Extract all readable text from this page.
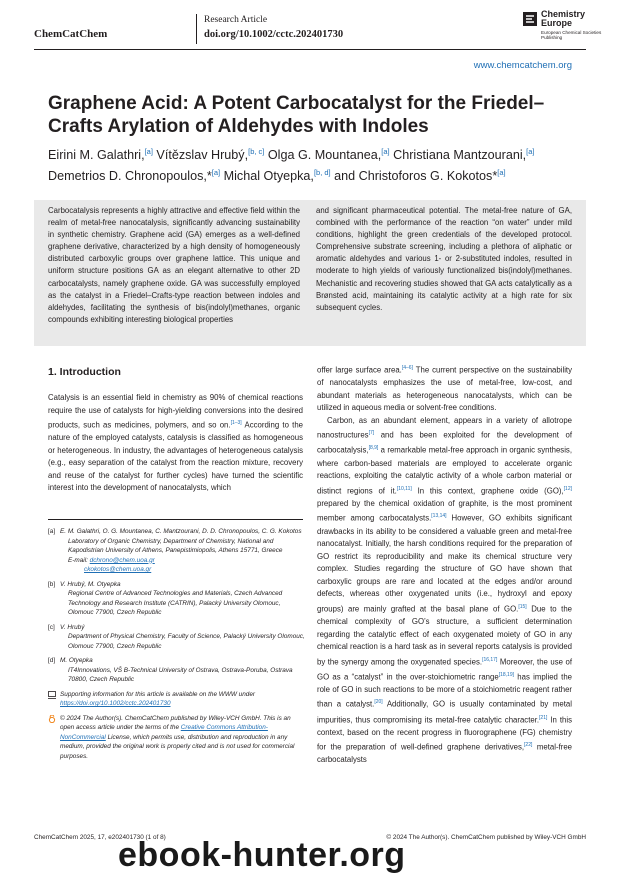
ChemCatChem
Research Article
doi.org/10.1002/cctc.202401730
Chemistry Europe
European Chemical Societies Publishing
www.chemcatchem.org
Graphene Acid: A Potent Carbocatalyst for the Friedel–Crafts Arylation of Aldehydes with Indoles
Eirini M. Galathri,[a] Vítězslav Hrubý,[b, c] Olga G. Mountanea,[a] Christiana Mantzourani,[a] Demetrios D. Chronopoulos,*[a] Michal Otyepka,[b, d] and Christoforos G. Kokotos*[a]
Carbocatalysis represents a highly attractive and effective field within the realm of metal-free nanocatalysis, significantly advancing sustainability in synthetic chemistry. Graphene acid (GA) emerges as a well-defined graphene derivative, characterized by a high density of homogeneously distributed carboxylic groups over graphene lattice. This unique and uniform structure positions GA as an elegant alternative to other 2D carbocatalysts, namely graphene oxide. GA was successfully employed as the catalyst in a Friedel–Crafts-type reaction between indoles and aldehydes, facilitating the synthesis of bis(indolyl)methanes, organic compounds exhibiting interesting biological properties
and significant pharmaceutical potential. The metal-free nature of GA, combined with the performance of the reaction “on water” under mild conditions, highlight the green credentials of the developed protocol. Comprehensive substrate screening, including a plethora of aliphatic or aromatic aldehydes and various 1- or 2-substituted indoles, resulted in moderate to high yields of variously functionalized bis(indolyl)methanes. Mechanistic and recovering studies showed that GA acts catalytically as a Brønsted acid, maintaining its catalytic activity at a high rate for six subsequent cycles.
1. Introduction

Catalysis is an essential field in chemistry as 90% of chemical reactions require the use of catalysts for high-yielding conversions into the desired products, such as medicines, polymers, and so on.[1–3] According to the nature of the employed catalysts, catalysis is classified as homogeneous or heterogeneous. In industry, the advantages of heterogeneous catalysis (e.g., easy separation of the catalyst from the reaction mixture, recovery and reuse of the catalyst for further cycles) have turned the scientific interest into the development of nanocatalysts, which

offer large surface area.[4–6] The current perspective on the sustainability of nanocatalysts emphasizes the use of metal-free, low-cost, and abundant materials as heterogeneous nanocatalysts, which can be utilized in aqueous media or solvent-free conditions.

Carbon, as an abundant element, appears in a variety of allotrope nanostructures[7] and has been exploited for the development of carbocatalysis,[8,9] a remarkable metal-free approach in organic synthesis, where carbon-based materials are employed to accelerate organic reactions, exploiting the catalytic activity of a whole carbon material or distinct regions of it.[10,11] In this context, graphene oxide (GO),[12] prepared by the chemical oxidation of graphite, is the most prominent member among carbocatalysts.[13,14] However, GO exhibits significant drawbacks in its ability to be considered a valuable green and metal-free nanocatalyst. Initially, the harsh conditions required for the preparation of GO restrict its reproducibility and make its chemical structure very complex. Studies regarding the structure of GO have shown that carboxylic groups are rare and located at the edges and/or around defects, whereas other oxygenated units (i.e., hydroxyl and epoxy groups) are mainly grafted at the basal plane of GO.[15] Due to the chemical complexity of GO’s structure, a sufficient determination regarding the catalytic effect of each oxygenated moiety of GO in any chemical reaction is a hard task as in several reports catalysis is provided by the synergy among the oxygenated species.[16,17] Moreover, the use of GO as a “catalyst” in the over-stoichiometric range[18,19] has implied the role of GO in such reactions to be more of a stoichiometric reagent rather than a catalyst.[20] Additionally, GO is usually contaminated by metal impurities, thus compromising its metal-free catalytic character.[21] In this context, based on the recent progress in fluorographene (FG) chemistry for the preparation of well-defined graphene derivatives,[22] metal-free carbocatalysts

[a] E. M. Galathri, O. G. Mountanea, C. Mantzourani, D. D. Chronopoulos, C. G. Kokotos
Laboratory of Organic Chemistry, Department of Chemistry, National and Kapodistrian University of Athens, Panepistimiopolis, Athens 15771, Greece
E-mail: dchrono@chem.uoa.gr
ckokotos@chem.uoa.gr
[b] V. Hrubý, M. Otyepka
Regional Centre of Advanced Technologies and Materials, Czech Advanced Technology and Research Institute (CATRIN), Palacký University Olomouc, Olomouc 77900, Czech Republic
[c] V. Hrubý
Department of Physical Chemistry, Faculty of Science, Palacký University Olomouc, Olomouc 77900, Czech Republic
[d] M. Otyepka
IT4Innovations, VŠ B-Technical University of Ostrava, Ostrava-Poruba, Ostrava 70800, Czech Republic
Supporting information for this article is available on the WWW under https://doi.org/10.1002/cctc.202401730
© 2024 The Author(s). ChemCatChem published by Wiley-VCH GmbH. This is an open access article under the terms of the Creative Commons Attribution-NonCommercial License, which permits use, distribution and reproduction in any medium, provided the original work is properly cited and is not used for commercial purposes.
ChemCatChem 2025, 17, e202401730 (1 of 8)	© 2024 The Author(s). ChemCatChem published by Wiley-VCH GmbH
ebook-hunter.org
